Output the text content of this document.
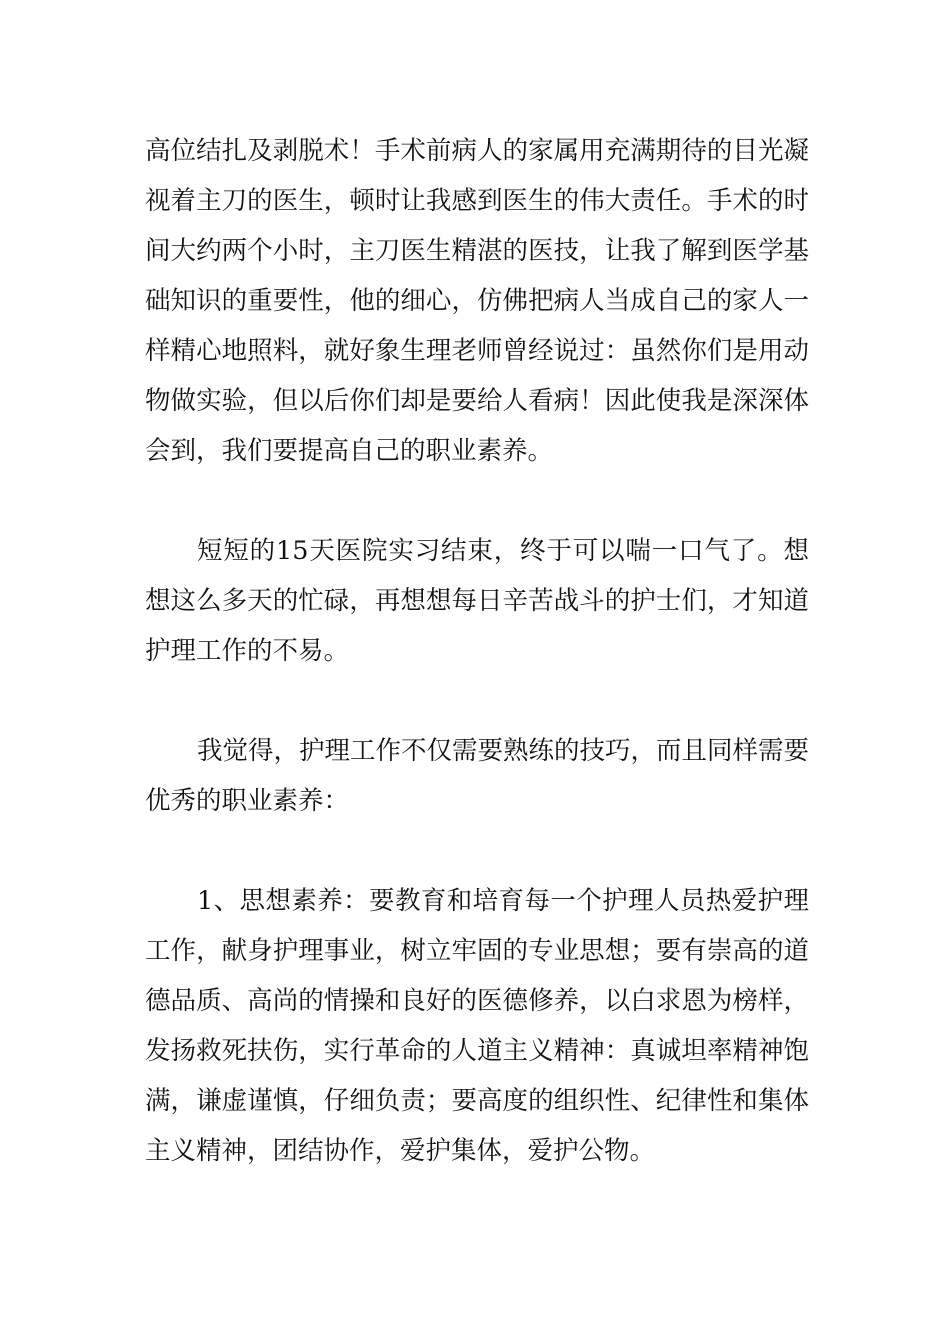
高位结扎及剥脱术！手术前病人的家属用充满期待的目光凝视着主刀的医生，顿时让我感到医生的伟大责任。手术的时间大约两个小时，主刀医生精湛的医技，让我了解到医学基础知识的重要性，他的细心，仿佛把病人当成自己的家人一样精心地照料，就好象生理老师曾经说过：虽然你们是用动物做实验，但以后你们却是要给人看病！因此使我是深深体会到，我们要提高自己的职业素养。

短短的15天医院实习结束，终于可以喘一口气了。想想这么多天的忙碌，再想想每日辛苦战斗的护士们，才知道护理工作的不易。

我觉得，护理工作不仅需要熟练的技巧，而且同样需要优秀的职业素养：

1、思想素养：要教育和培育每一个护理人员热爱护理工作，献身护理事业，树立牢固的专业思想；要有崇高的道德品质、高尚的情操和良好的医德修养，以白求恩为榜样，发扬救死扶伤，实行革命的人道主义精神：真诚坦率精神饱满，谦虚谨慎，仔细负责；要高度的组织性、纪律性和集体主义精神，团结协作，爱护集体，爱护公物。
